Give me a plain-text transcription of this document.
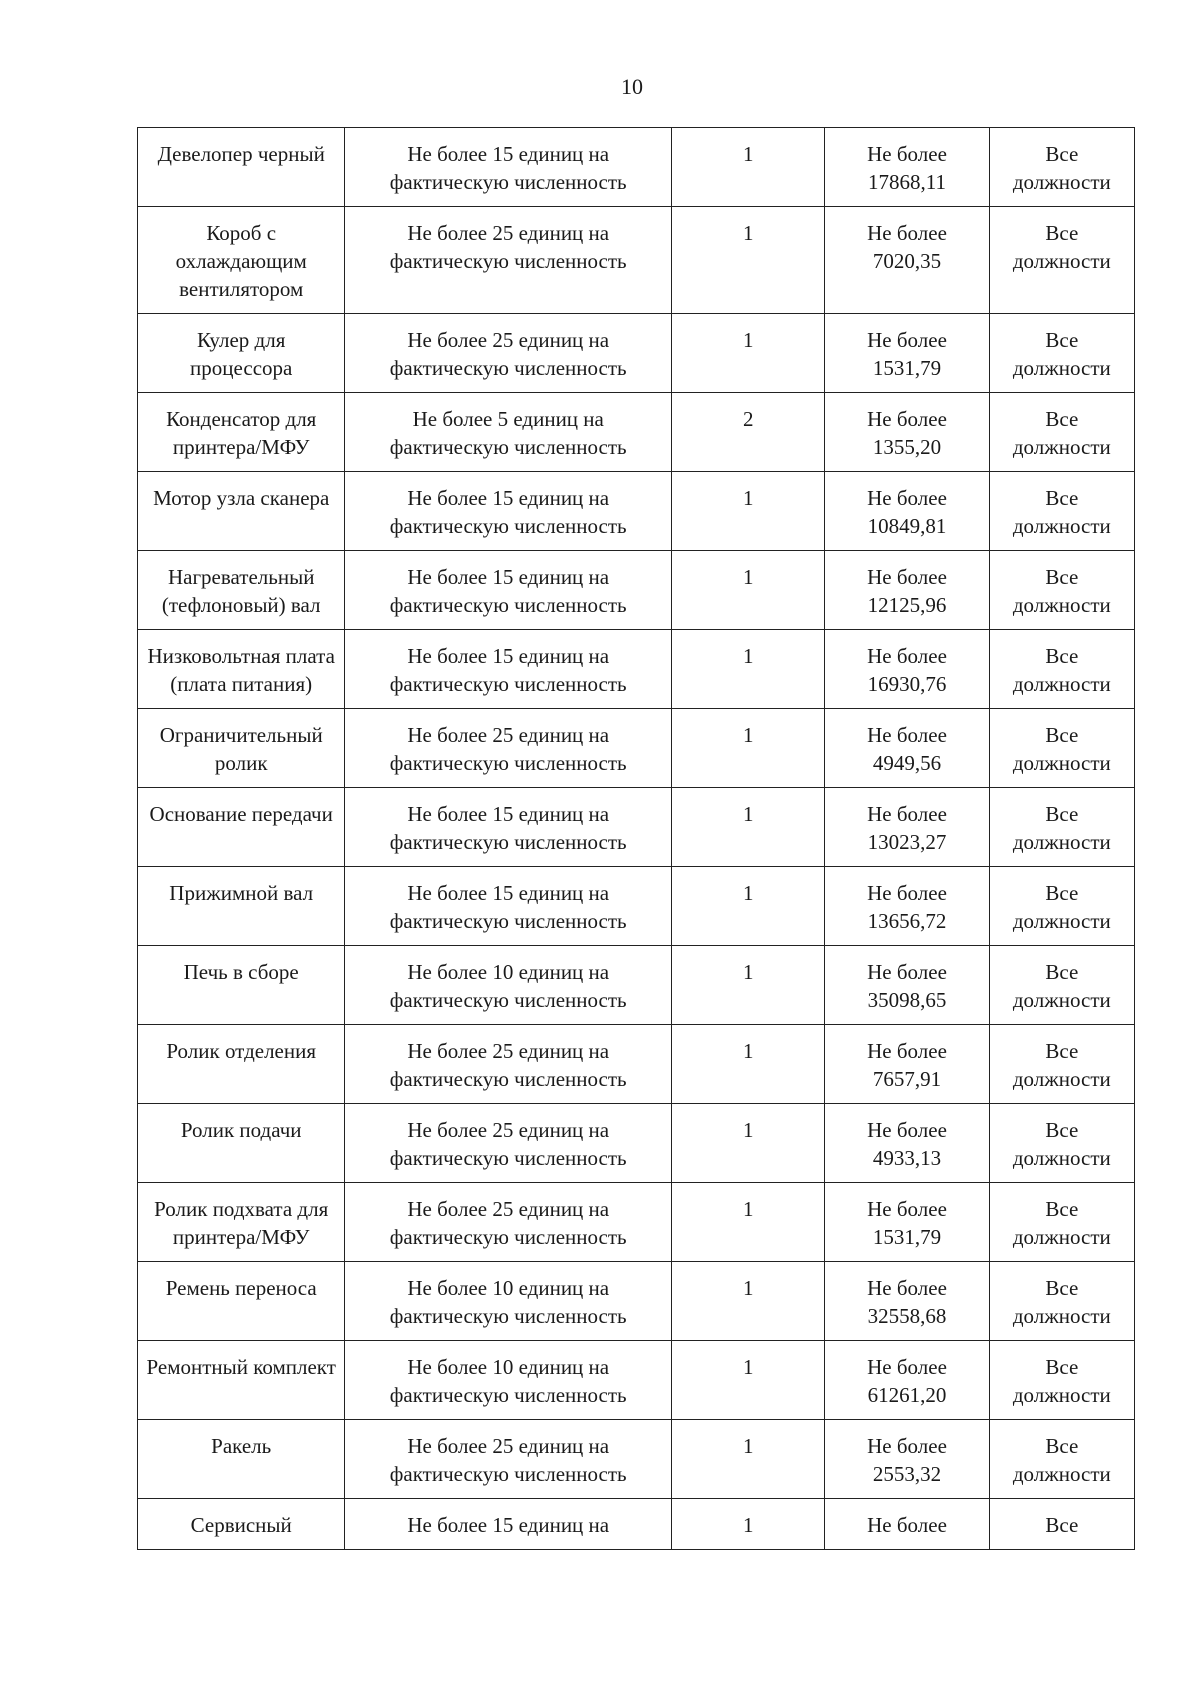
10
Девелопер черный	Не более 15 единиц на фактическую численность	1	Не более 17868,11	Все должности
Короб с охлаждающим вентилятором	Не более 25 единиц на фактическую численность	1	Не более 7020,35	Все должности
Кулер для процессора	Не более 25 единиц на фактическую численность	1	Не более 1531,79	Все должности
Конденсатор для принтера/МФУ	Не более 5 единиц на фактическую численность	2	Не более 1355,20	Все должности
Мотор узла сканера	Не более 15 единиц на фактическую численность	1	Не более 10849,81	Все должности
Нагревательный (тефлоновый) вал	Не более 15 единиц на фактическую численность	1	Не более 12125,96	Все должности
Низковольтная плата (плата питания)	Не более 15 единиц на фактическую численность	1	Не более 16930,76	Все должности
Ограничительный ролик	Не более 25 единиц на фактическую численность	1	Не более 4949,56	Все должности
Основание передачи	Не более 15 единиц на фактическую численность	1	Не более 13023,27	Все должности
Прижимной вал	Не более 15 единиц на фактическую численность	1	Не более 13656,72	Все должности
Печь в сборе	Не более 10 единиц на фактическую численность	1	Не более 35098,65	Все должности
Ролик отделения	Не более 25 единиц на фактическую численность	1	Не более 7657,91	Все должности
Ролик подачи	Не более 25 единиц на фактическую численность	1	Не более 4933,13	Все должности
Ролик подхвата для принтера/МФУ	Не более 25 единиц на фактическую численность	1	Не более 1531,79	Все должности
Ремень переноса	Не более 10 единиц на фактическую численность	1	Не более 32558,68	Все должности
Ремонтный комплект	Не более 10 единиц на фактическую численность	1	Не более 61261,20	Все должности
Ракель	Не более 25 единиц на фактическую численность	1	Не более 2553,32	Все должности
Сервисный	Не более 15 единиц на	1	Не более	Все
